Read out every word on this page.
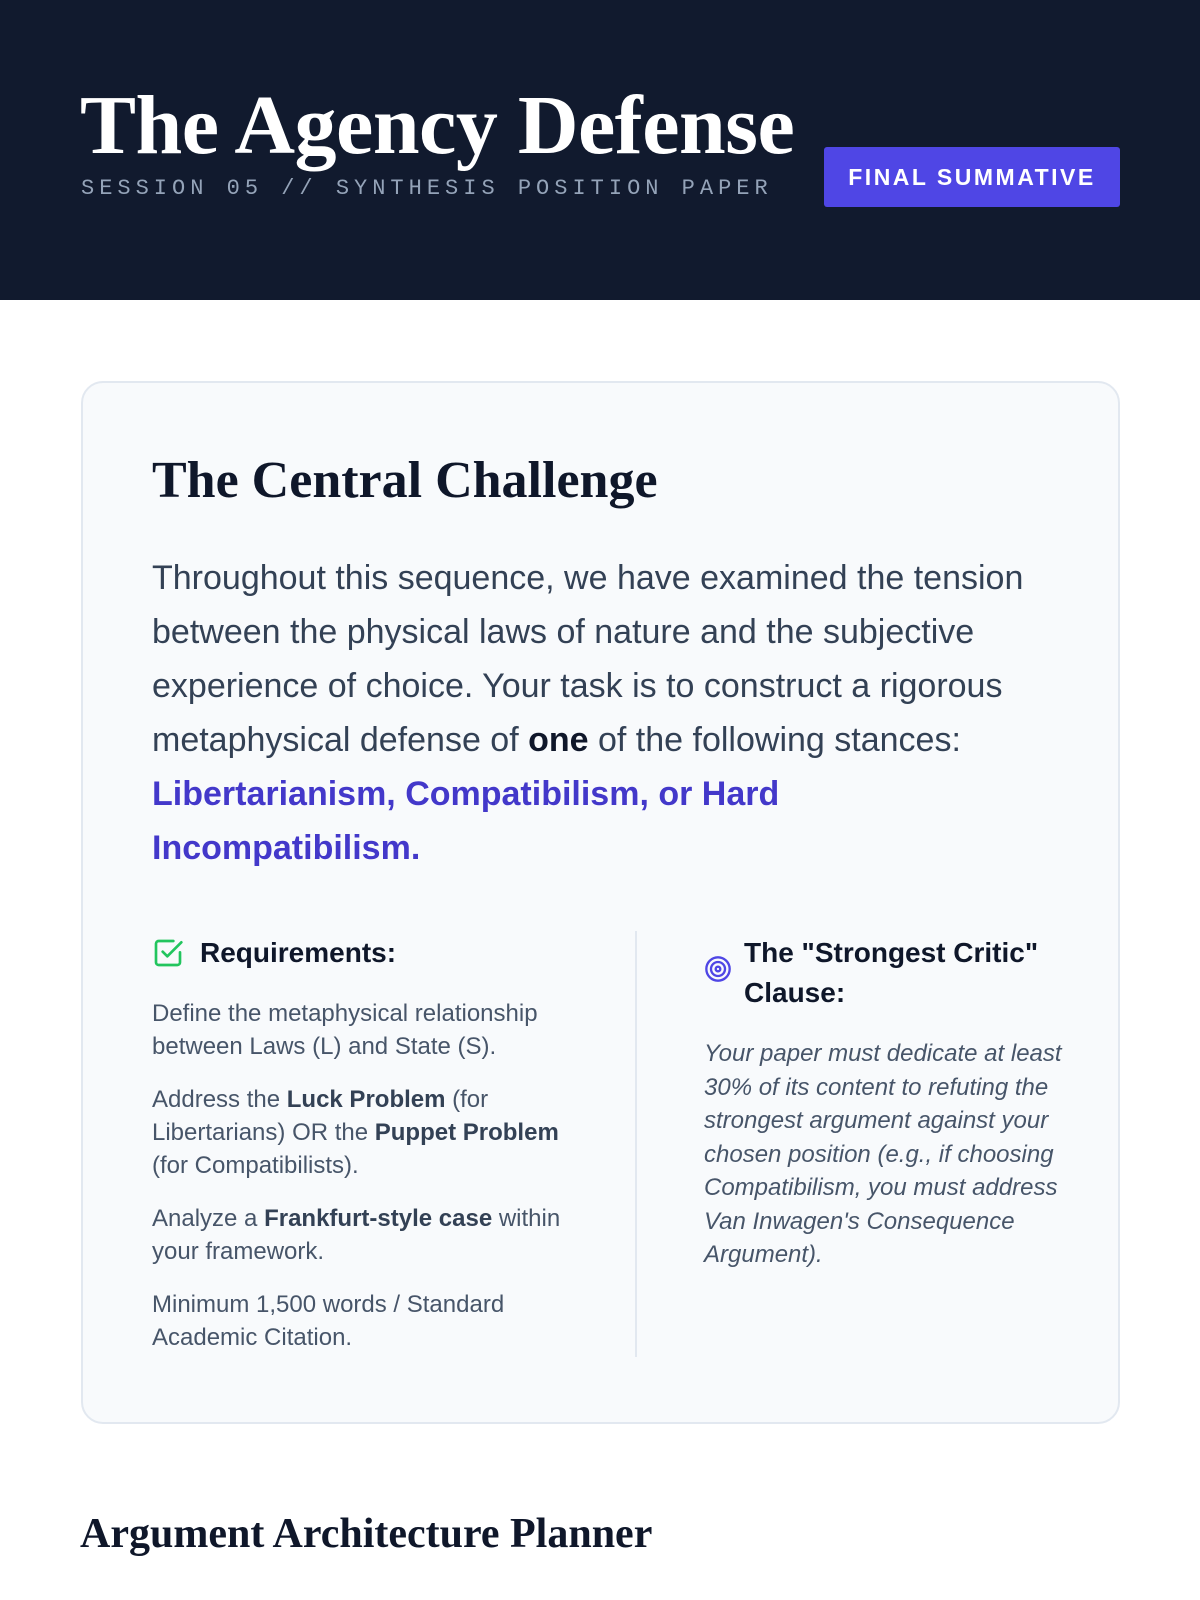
The Agency Defense
SESSION 05 // SYNTHESIS POSITION PAPER	FINAL SUMMATIVE
The Central Challenge

Throughout this sequence, we have examined the tension between the physical laws of nature and the subjective experience of choice. Your task is to construct a rigorous metaphysical defense of one of the following stances:
Libertarianism, Compatibilism, or Hard Incompatibilism.

Requirements:
Define the metaphysical relationship between Laws (L) and State (S).
Address the Luck Problem (for Libertarians) OR the Puppet Problem (for Compatibilists).
Analyze a Frankfurt-style case within your framework.
Minimum 1,500 words / Standard Academic Citation.
The "Strongest Critic" Clause:

Your paper must dedicate at least 30% of its content to refuting the strongest argument against your chosen position (e.g., if choosing Compatibilism, you must address Van Inwagen's Consequence Argument).

Argument Architecture Planner
